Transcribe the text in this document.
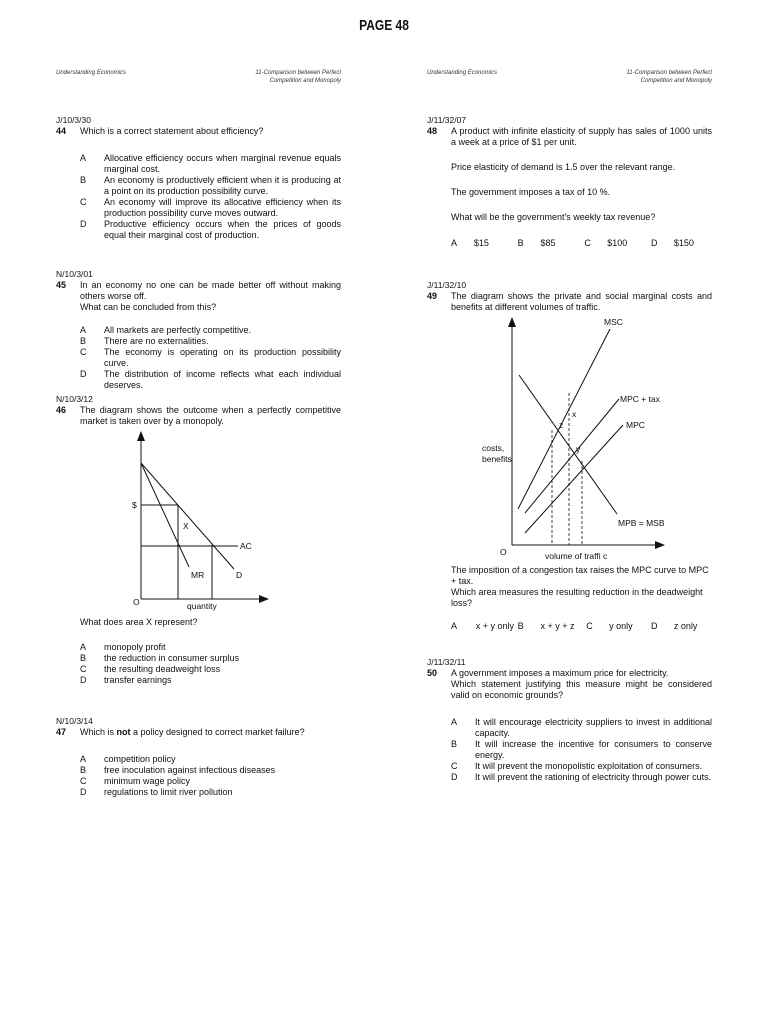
PAGE 48
Understanding Economics	11-Comparison between Perfect
Competition and Monopoly
J/10/3/30
44	Which is a correct statement about efficiency?
A	Allocative efficiency occurs when marginal revenue equals marginal cost.
B	An economy is productively efficient when it is producing at a point on its production possibility curve.
C	An economy will improve its allocative efficiency when its production possibility curve moves outward.
D	Productive efficiency occurs when the prices of goods equal their marginal cost of production.
N/10/3/01
45	In an economy no one can be made better off without making others worse off.
What can be concluded from this?
A	All markets are perfectly competitive.
B	There are no externalities.
C	The economy is operating on its production possibility curve.
D	The distribution of income reflects what each individual deserves.
N/10/3/12
46	The diagram shows the outcome when a perfectly competitive market is taken over by a monopoly.
$
X
AC
MR	D
O	quantity
What does area X represent?
A	monopoly profit
B	the reduction in consumer surplus
C	the resulting deadweight loss
D	transfer earnings
N/10/3/14
47	Which is not a policy designed to correct market failure?
A	competition policy
B	free inoculation against infectious diseases
C	minimum wage policy
D	regulations to limit river pollution
Understanding Economics	11-Comparison between Perfect
Competition and Monopoly
J/11/32/07
48	A product with infinite elasticity of supply has sales of 1000 units a week at a price of $1 per unit.
Price elasticity of demand is 1.5 over the relevant range.
The government imposes a tax of 10 %.
What will be the government's weekly tax revenue?
A	$15	B	$85	C	$100	D	$150
J/11/32/10
49	The diagram shows the private and social marginal costs and benefits at different volumes of traffic.
MSC
MPC + tax
MPC
MPB = MSB
x
z
y
costs,
benefits
O	volume of traffi c
The imposition of a congestion tax raises the MPC curve to MPC + tax.
Which area measures the resulting reduction in the deadweight loss?
A	x + y only B	x + y + z	C	y only	D	z only
J/11/32/11
50	A government imposes a maximum price for electricity.
Which statement justifying this measure might be considered valid on economic grounds?
A	It will encourage electricity suppliers to invest in additional capacity.
B	It will increase the incentive for consumers to conserve energy.
C	It will prevent the monopolistic exploitation of consumers.
D	It will prevent the rationing of electricity through power cuts.
